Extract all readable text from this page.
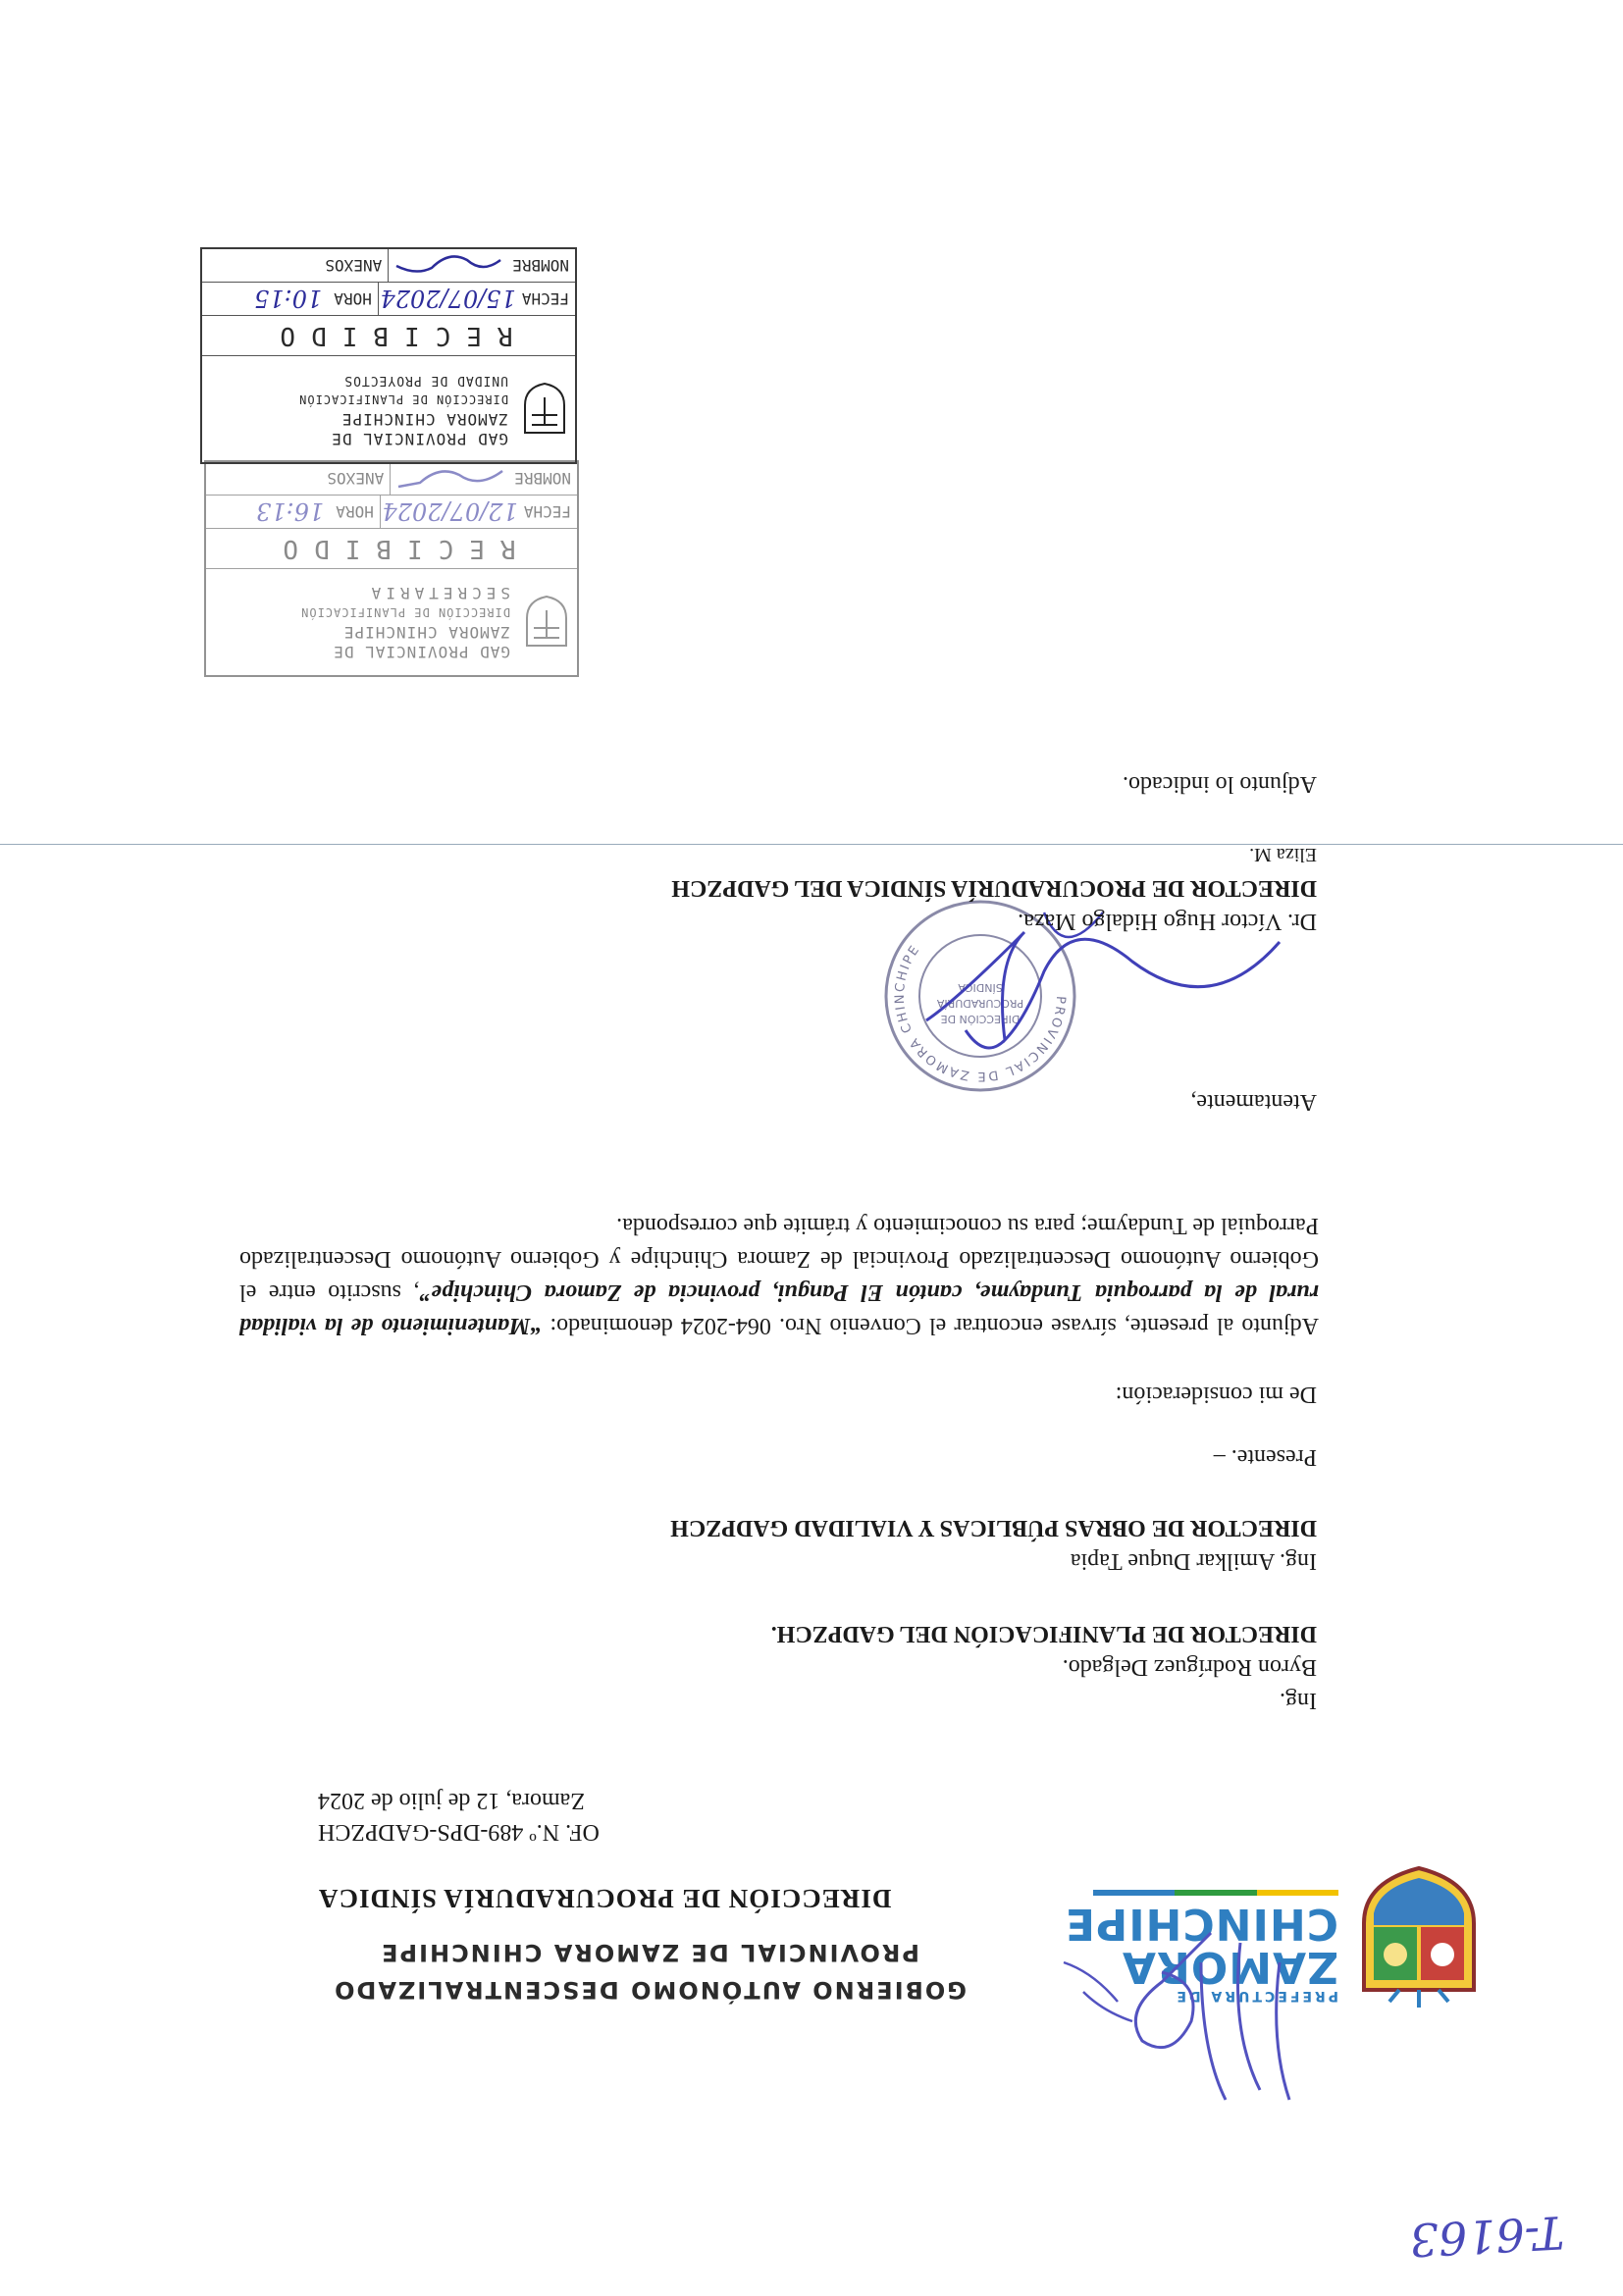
T-6163
PREFECTURA DE
ZAMORA
CHINCHIPE
GOBIERNO AUTÓNOMO DESCENTRALIZADO
PROVINCIAL DE ZAMORA CHINCHIPE
DIRECCIÓN DE PROCURADURÍA SÍNDICA
OF. N.º 489-DPS-GADPZCH
Zamora, 12 de julio de 2024
Ing.
Byron Rodríguez Delgado.
DIRECTOR DE PLANIFICACIÓN DEL GADPZCH.
Ing. Amilkar Duque Tapia
DIRECTOR DE OBRAS PÚBLICAS Y VIALIDAD GADPZCH
Presente. –
De mi consideración:
Adjunto al presente, sírvase encontrar el Convenio Nro. 064-2024 denominado: “Mantenimiento de la vialidad rural de la parroquia Tundayme, cantón El Pangui, provincia de Zamora Chinchipe”, suscrito entre el Gobierno Autónomo Descentralizado Provincial de Zamora Chinchipe y Gobierno Autónomo Descentralizado Parroquial de Tundayme; para su conocimiento y trámite que corresponda.
Atentamente,
PROVINCIAL DE ZAMORA CHINCHIPE
DIRECCIÓN DE
PROCURADURÍA
SÍNDICA
Dr. Víctor Hugo Hidalgo Maza.
DIRECTOR DE PROCURADURÍA SÍNDICA DEL GADPZCH
Eliza M.
Adjunto lo indicado.
GAD PROVINCIAL DE
ZAMORA CHINCHIPE
DIRECCIÓN DE PLANIFICACIÓN
SECRETARIA
RECIBIDO
FECHA
12/07/2024
HORA
16:13
NOMBRE
ANEXOS
GAD PROVINCIAL DE
ZAMORA CHINCHIPE
DIRECCIÓN DE PLANIFICACIÓN
UNIDAD DE PROYECTOS
RECIBIDO
FECHA
15/07/2024
HORA
10:15
NOMBRE
ANEXOS
